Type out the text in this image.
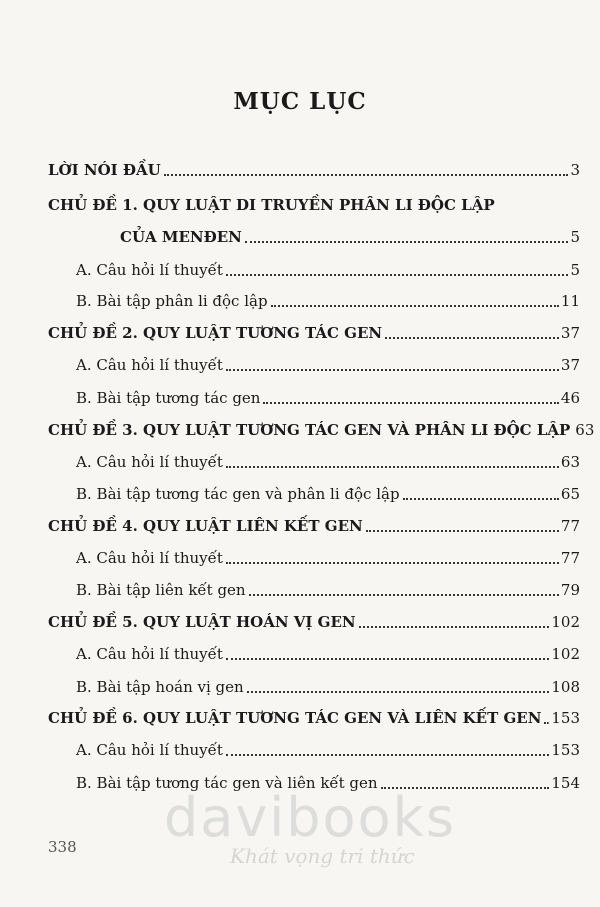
MỤC LỤC
LỜI NÓI ĐẦU	3
CHỦ ĐỀ 1. QUY LUẬT DI TRUYỀN PHÂN LI ĐỘC LẬP
CỦA MENĐEN	5
A. Câu hỏi lí thuyết	5
B. Bài tập phân li độc lập	11
CHỦ ĐỀ 2. QUY LUẬT TƯƠNG TÁC GEN	37
A. Câu hỏi lí thuyết	37
B. Bài tập tương tác gen	46
CHỦ ĐỀ 3. QUY LUẬT TƯƠNG TÁC GEN VÀ PHÂN LI ĐỘC LẬP 63
A. Câu hỏi lí thuyết	63
B. Bài tập tương tác gen và phân li độc lập	65
CHỦ ĐỀ 4. QUY LUẬT LIÊN KẾT GEN	77
A. Câu hỏi lí thuyết	77
B. Bài tập liên kết gen	79
CHỦ ĐỀ 5. QUY LUẬT HOÁN VỊ GEN	102
A. Câu hỏi lí thuyết	102
B. Bài tập hoán vị gen	108
CHỦ ĐỀ 6. QUY LUẬT TƯƠNG TÁC GEN VÀ LIÊN KẾT GEN 153
A. Câu hỏi lí thuyết	153
B. Bài tập tương tác gen và liên kết gen	154
davibooks
Khát vọng tri thức
338
